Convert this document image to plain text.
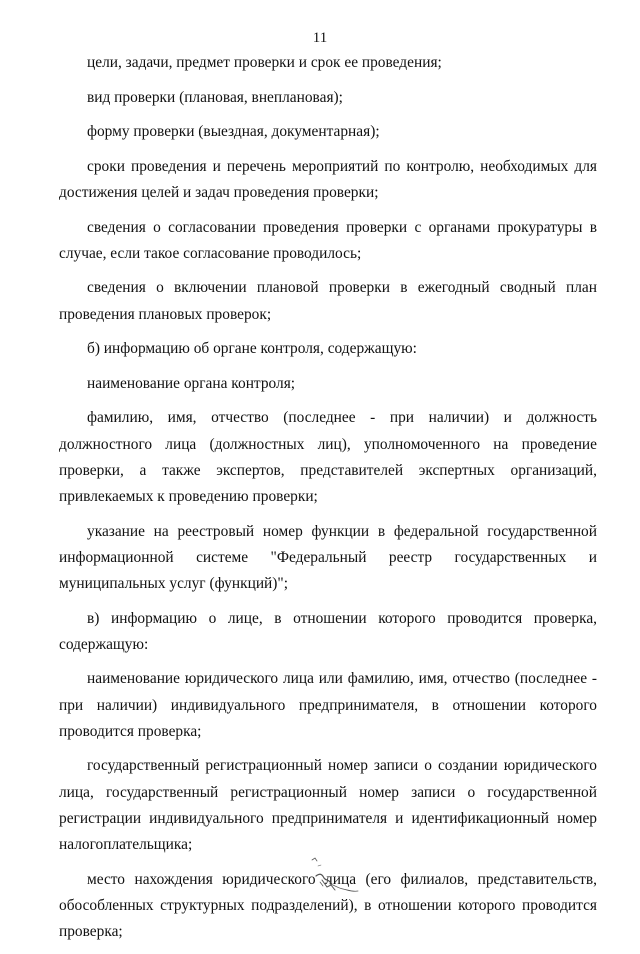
11

цели, задачи, предмет проверки и срок ее проведения;

вид проверки (плановая, внеплановая);

форму проверки (выездная, документарная);

сроки проведения и перечень мероприятий по контролю, необходимых для достижения целей и задач проведения проверки;

сведения о согласовании проведения проверки с органами прокуратуры в случае, если такое согласование проводилось;

сведения о включении плановой проверки в ежегодный сводный план проведения плановых проверок;

б) информацию об органе контроля, содержащую:

наименование органа контроля;

фамилию, имя, отчество (последнее - при наличии) и должность должностного лица (должностных лиц), уполномоченного на проведение проверки, а также экспертов, представителей экспертных организаций, привлекаемых к проведению проверки;

указание на реестровый номер функции в федеральной государственной информационной системе "Федеральный реестр государственных и муниципальных услуг (функций)";

в) информацию о лице, в отношении которого проводится проверка, содержащую:

наименование юридического лица или фамилию, имя, отчество (последнее - при наличии) индивидуального предпринимателя, в отношении которого проводится проверка;

государственный регистрационный номер записи о создании юридического лица, государственный регистрационный номер записи о государственной регистрации индивидуального предпринимателя и идентификационный номер налогоплательщика;

место нахождения юридического лица (его филиалов, представительств, обособленных структурных подразделений), в отношении которого проводится проверка;
